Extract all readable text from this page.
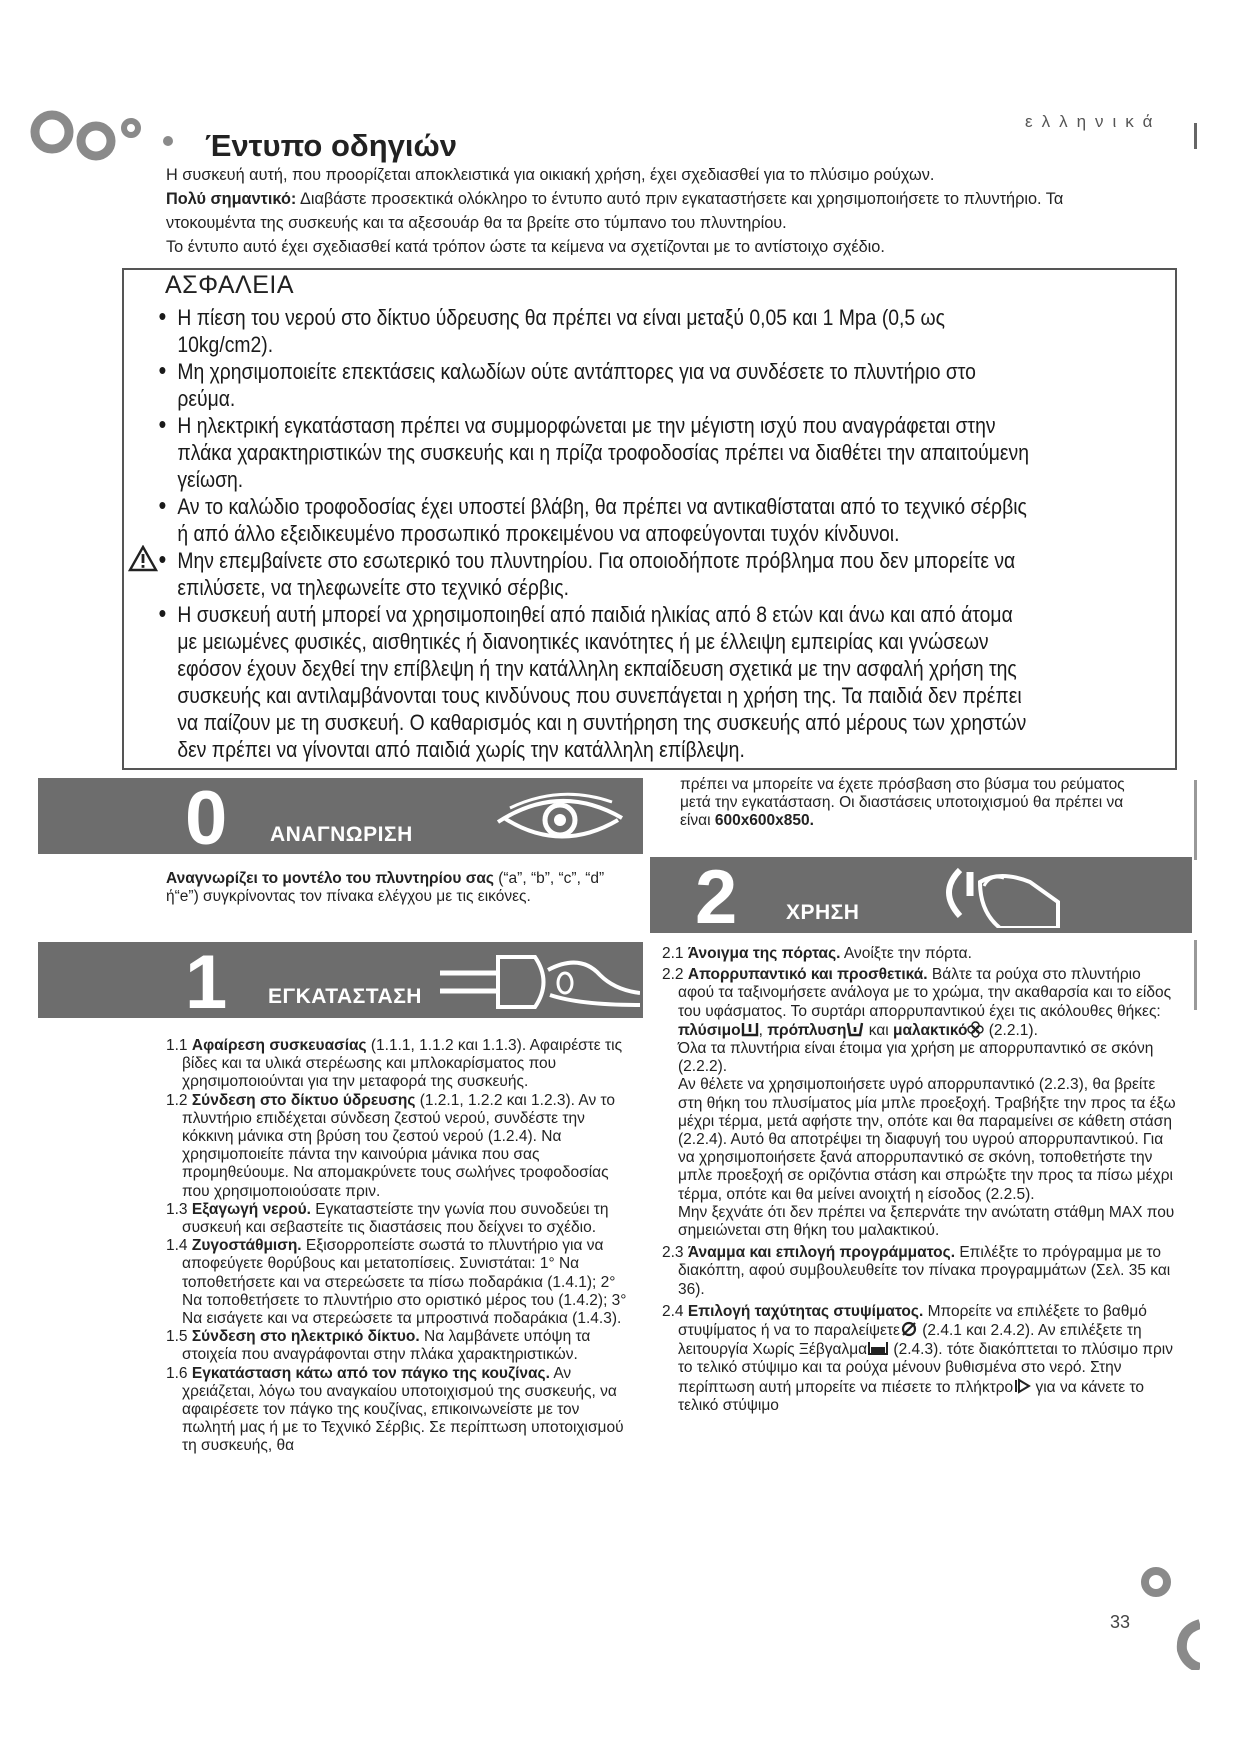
ελληνικά
Έντυπο οδηγιών

Η συσκευή αυτή, που προορίζεται αποκλειστικά για οικιακή χρήση, έχει σχεδιασθεί για το πλύσιμο ρούχων.

Πολύ σημαντικό: Διαβάστε προσεκτικά ολόκληρο το έντυπο αυτό πριν εγκαταστήσετε και χρησιμοποιήσετε το πλυντήριο. Τα ντοκουμέντα της συσκευής και τα αξεσουάρ θα τα βρείτε στο τύμπανο του πλυντηρίου.

Το έντυπο αυτό έχει σχεδιασθεί κατά τρόπον ώστε τα κείμενα να σχετίζονται με το αντίστοιχο σχέδιο.

ΑΣΦΑΛΕΙΑ
• Η πίεση του νερού στο δίκτυο ύδρευσης θα πρέπει να είναι μεταξύ 0,05 και 1 Mpa (0,5 ως 10kg/cm2).
• Μη χρησιμοποιείτε επεκτάσεις καλωδίων ούτε αντάπτορες για να συνδέσετε το πλυντήριο στο ρεύμα.
• Η ηλεκτρική εγκατάσταση πρέπει να συμμορφώνεται με την μέγιστη ισχύ που αναγράφεται στην πλάκα χαρακτηριστικών της συσκευής και η πρίζα τροφοδοσίας πρέπει να διαθέτει την απαιτούμενη γείωση.
• Αν το καλώδιο τροφοδοσίας έχει υποστεί βλάβη, θα πρέπει να αντικαθίσταται από το τεχνικό σέρβις ή από άλλο εξειδικευμένο προσωπικό προκειμένου να αποφεύγονται τυχόν κίνδυνοι.
• Μην επεμβαίνετε στο εσωτερικό του πλυντηρίου. Για οποιοδήποτε πρόβλημα που δεν μπορείτε να επιλύσετε, να τηλεφωνείτε στο τεχνικό σέρβις.
• Η συσκευή αυτή μπορεί να χρησιμοποιηθεί από παιδιά ηλικίας από 8 ετών και άνω και από άτομα με μειωμένες φυσικές, αισθητικές ή διανοητικές ικανότητες ή με έλλειψη εμπειρίας και γνώσεων εφόσον έχουν δεχθεί την επίβλεψη ή την κατάλληλη εκπαίδευση σχετικά με την ασφαλή χρήση της συσκευής και αντιλαμβάνονται τους κινδύνους που συνεπάγεται η χρήση της. Τα παιδιά δεν πρέπει να παίζουν με τη συσκευή. Ο καθαρισμός και η συντήρηση της συσκευής από μέρους των χρηστών δεν πρέπει να γίνονται από παιδιά χωρίς την κατάλληλη επίβλεψη.
0 ΑΝΑΓΝΩΡΙΣΗ
Αναγνωρίζει το μοντέλο του πλυντηρίου σας (“a”, “b”, “c”, “d” ή“e”) συγκρίνοντας τον πίνακα ελέγχου με τις εικόνες.
1 ΕΓΚΑΤΑΣΤΑΣΗ

1.1 Αφαίρεση συσκευασίας (1.1.1, 1.1.2 και 1.1.3). Αφαιρέστε τις βίδες και τα υλικά στερέωσης και μπλοκαρίσματος που χρησιμοποιούνται για την μεταφορά της συσκευής.

1.2 Σύνδεση στο δίκτυο ύδρευσης (1.2.1, 1.2.2 και 1.2.3). Αν το πλυντήριο επιδέχεται σύνδεση ζεστού νερού, συνδέστε την κόκκινη μάνικα στη βρύση του ζεστού νερού (1.2.4). Να χρησιμοποιείτε πάντα την καινούρια μάνικα που σας προμηθεύουμε. Να απομακρύνετε τους σωλήνες τροφοδοσίας που χρησιμοποιούσατε πριν.

1.3 Εξαγωγή νερού. Εγκαταστείστε την γωνία που συνοδεύει τη συσκευή και σεβαστείτε τις διαστάσεις που δείχνει το σχέδιο.

1.4 Ζυγοστάθμιση. Εξισορροπείστε σωστά το πλυντήριο για να αποφεύγετε θορύβους και μετατοπίσεις. Συνιστάται: 1° Να τοποθετήσετε και να στερεώσετε τα πίσω ποδαράκια (1.4.1); 2° Να τοποθετήσετε το πλυντήριο στο οριστικό μέρος του (1.4.2); 3° Να εισάγετε και να στερεώσετε τα μπροστινά ποδαράκια (1.4.3).

1.5 Σύνδεση στο ηλεκτρικό δίκτυο. Να λαμβάνετε υπόψη τα στοιχεία που αναγράφονται στην πλάκα χαρακτηριστικών.

1.6 Εγκατάσταση κάτω από τον πάγκο της κουζίνας. Αν χρειάζεται, λόγω του αναγκαίου υποτοιχισμού της συσκευής, να αφαιρέσετε τον πάγκο της κουζίνας, επικοινωνείστε με τον πωλητή μας ή με το Τεχνικό Σέρβις. Σε περίπτωση υποτοιχισμού τη συσκευής, θα

πρέπει να μπορείτε να έχετε πρόσβαση στο βύσμα του ρεύματος μετά την εγκατάσταση. Οι διαστάσεις υποτοιχισμού θα πρέπει να είναι 600x600x850.
2 ΧΡΗΣΗ

2.1 Άνοιγμα της πόρτας. Ανοίξτε την πόρτα.

2.2 Απορρυπαντικό και προσθετικά. Βάλτε τα ρούχα στο πλυντήριο αφού τα ταξινομήσετε ανάλογα με το χρώμα, την ακαθαρσία και το είδος του υφάσματος. Το συρτάρι απορρυπαντικού έχει τις ακόλουθες θήκες:
πλύσιμο , πρόπλυση και μαλακτικό (2.2.1).
Όλα τα πλυντήρια είναι έτοιμα για χρήση με απορρυπαντικό σε σκόνη (2.2.2).
Αν θέλετε να χρησιμοποιήσετε υγρό απορρυπαντικό (2.2.3), θα βρείτε στη θήκη του πλυσίματος μία μπλε προεξοχή. Τραβήξτε την προς τα έξω μέχρι τέρμα, μετά αφήστε την, οπότε και θα παραμείνει σε κάθετη στάση (2.2.4). Αυτό θα αποτρέψει τη διαφυγή του υγρού απορρυπαντικού. Για να χρησιμοποιήσετε ξανά απορρυπαντικό σε σκόνη, τοποθετήστε την μπλε προεξοχή σε οριζόντια στάση και σπρώξτε την προς τα πίσω μέχρι τέρμα, οπότε και θα μείνει ανοιχτή η είσοδος (2.2.5).
Μην ξεχνάτε ότι δεν πρέπει να ξεπερνάτε την ανώτατη στάθμη MAX που σημειώνεται στη θήκη του μαλακτικού.

2.3 Άναμμα και επιλογή προγράμματος. Επιλέξτε το πρόγραμμα με το διακόπτη, αφού συμβουλευθείτε τον πίνακα προγραμμάτων (Σελ. 35 και 36).

2.4 Επιλογή ταχύτητας στυψίματος. Μπορείτε να επιλέξετε το βαθμό στυψίματος ή να το παραλείψετε (2.4.1 και 2.4.2). Αν επιλέξετε τη λειτουργία Χωρίς Ξέβγαλμα (2.4.3). τότε διακόπτεται το πλύσιμο πριν το τελικό στύψιμο και τα ρούχα μένουν βυθισμένα στο νερό. Στην περίπτωση αυτή μπορείτε να πιέσετε το πλήκτρο για να κάνετε το τελικό στύψιμο

33
